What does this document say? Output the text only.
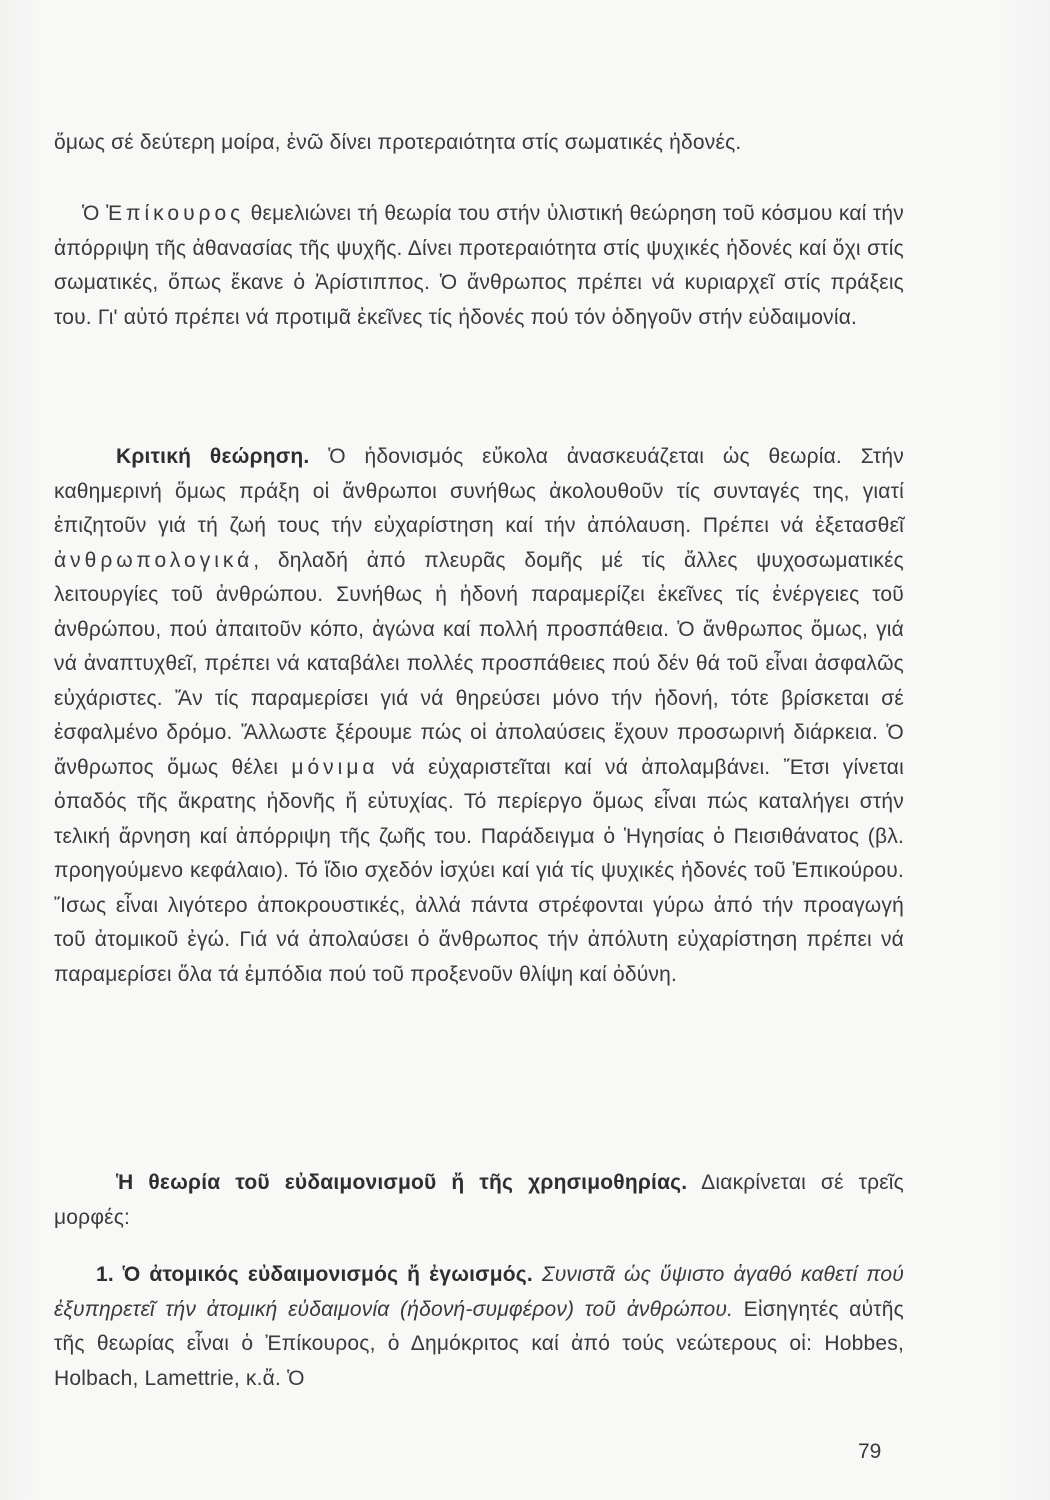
ὅμως σέ δεύτερη μοίρα, ἐνῶ δίνει προτεραιότητα στίς σωματικές ἡδονές.

Ὁ Ἐπίκουρος θεμελιώνει τή θεωρία του στήν ὑλιστική θεώρηση τοῦ κόσμου καί τήν ἀπόρριψη τῆς ἀθανασίας τῆς ψυχῆς. Δίνει προτεραιότητα στίς ψυχικές ἡδονές καί ὄχι στίς σωματικές, ὅπως ἔκανε ὁ Ἀρίστιππος. Ὁ ἄνθρωπος πρέπει νά κυριαρχεῖ στίς πράξεις του. Γι' αὐτό πρέπει νά προτιμᾶ ἐκεῖνες τίς ἡδονές πού τόν ὁδηγοῦν στήν εὐδαιμονία.

Κριτική θεώρηση. Ὁ ἡδονισμός εὔκολα ἀνασκευάζεται ὡς θεωρία. Στήν καθημερινή ὅμως πράξη οἱ ἄνθρωποι συνήθως ἀκολουθοῦν τίς συνταγές της, γιατί ἐπιζητοῦν γιά τή ζωή τους τήν εὐχαρίστηση καί τήν ἀπόλαυση. Πρέπει νά ἐξετασθεῖ ἀνθρωπολογικά, δηλαδή ἀπό πλευρᾶς δομῆς μέ τίς ἄλλες ψυχοσωματικές λειτουργίες τοῦ ἀνθρώπου. Συνήθως ἡ ἡδονή παραμερίζει ἐκεῖνες τίς ἐνέργειες τοῦ ἀνθρώπου, πού ἀπαιτοῦν κόπο, ἀγώνα καί πολλή προσπάθεια. Ὁ ἄνθρωπος ὅμως, γιά νά ἀναπτυχθεῖ, πρέπει νά καταβάλει πολλές προσπάθειες πού δέν θά τοῦ εἶναι ἀσφαλῶς εὐχάριστες. Ἄν τίς παραμερίσει γιά νά θηρεύσει μόνο τήν ἡδονή, τότε βρίσκεται σέ ἐσφαλμένο δρόμο. Ἄλλωστε ξέρουμε πώς οἱ ἀπολαύσεις ἔχουν προσωρινή διάρκεια. Ὁ ἄνθρωπος ὅμως θέλει μόνιμα νά εὐχαριστεῖται καί νά ἀπολαμβάνει. Ἔτσι γίνεται ὀπαδός τῆς ἄκρατης ἡδονῆς ἤ εὐτυχίας. Τό περίεργο ὅμως εἶναι πώς καταλήγει στήν τελική ἄρνηση καί ἀπόρριψη τῆς ζωῆς του. Παράδειγμα ὁ Ἡγησίας ὁ Πεισιθάνατος (βλ. προηγούμενο κεφάλαιο). Τό ἴδιο σχεδόν ἰσχύει καί γιά τίς ψυχικές ἡδονές τοῦ Ἐπικούρου. Ἴσως εἶναι λιγότερο ἀποκρουστικές, ἀλλά πάντα στρέφονται γύρω ἀπό τήν προαγωγή τοῦ ἀτομικοῦ ἐγώ. Γιά νά ἀπολαύσει ὁ ἄνθρωπος τήν ἀπόλυτη εὐχαρίστηση πρέπει νά παραμερίσει ὅλα τά ἐμπόδια πού τοῦ προξενοῦν θλίψη καί ὀδύνη.

Ἡ θεωρία τοῦ εὐδαιμονισμοῦ ἤ τῆς χρησιμοθηρίας. Διακρίνεται σέ τρεῖς μορφές:

1. Ὁ ἀτομικός εὐδαιμονισμός ἤ ἐγωισμός. Συνιστᾶ ὡς ὕψιστο ἀγαθό καθετί πού ἐξυπηρετεῖ τήν ἀτομική εὐδαιμονία (ἡδονή-συμφέρον) τοῦ ἀνθρώπου. Εἰσηγητές αὐτῆς τῆς θεωρίας εἶναι ὁ Ἐπίκουρος, ὁ Δημόκριτος καί ἀπό τούς νεώτερους οἱ: Hobbes, Holbach, Lamettrie, κ.ἄ. Ὁ

79
